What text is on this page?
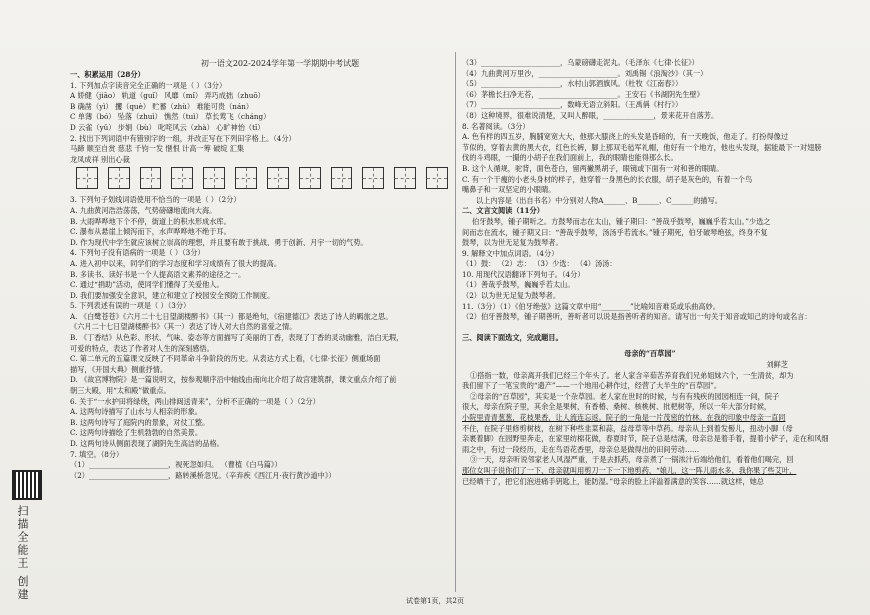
初一语文202-2024学年第一学期期中考试题
一、积累运用（28分）
1. 下列加点字读音完全正确的一项是（ ）（3分）
A 娇健（jiāo） 轨道（guǐ） 风靡（mǐ） 弄巧成拙（zhuō）
B 确凿（yì） 攫（què） 贮蓄（zhù） 难能可贵（nán）
C 单薄（bó） 坠落（zhuì） 憔然（tuì） 草长莺飞（cháng）
D 云雀（yǔ） 步娟（bù） 叱咤风云（zhà） 心旷神怡（tǐ）
2. 找出下列词语中有错别字的一组，并改正写在下列田字格上。（4分）
马蹄 顺至自赏 慈悲 千钧一发 惬恨 计高一筹 破绽 汇集
龙凤成祥 别出心裁
3. 下列句子划线词语使用不恰当的一项是（ ）（2分）
A. 九曲黄河浩浩荡荡，气势磅礴地流向大海。
B. 大雨哗哗地下个不停，街道上的积水形成水库。
C. 瀑布从悬崖上倾泻而下，水声哗哗地不绝于耳。
D. 作为现代中学生就应该树立崇高的理想，并且要有敢于挑战、勇于创新、月宇一切的气势。
4. 下列句子没有语病的一项是（ ）（3分）
A. 进入初中以来，同学们的学习态度和学习成绩有了很大的提高。
B. 多读书、读好书是一个人提高语文素养的途径之一。
C. 通过“捐助”活动，使同学们懂得了关爱他人。
D. 我们要加强安全意识，建立和建立了校园安全预防工作制度。
5. 下列表述有误的一项是（ ）（3分）
A. 《白鹭苍苍》《六月二十七日望湖楼醉书》（其一）都是绝句，《宿建德江》表达了诗人的羁旅之思。
《六月二十七日望湖楼醉书》（其一）表达了诗人对大自然的喜爱之情。
B. 《丁香结》从色彩、形状、气味、姿态等方面描写了美丽的丁香，表现了丁香的灵动幽雅，洁白无瑕，
可爱的特点，表达了作者对人生的深刻感悟。
C. 第二单元的五篇课文反映了不同革命斗争阶段的历史。从表达方式上看，《七律·长征》侧重场面
描写，《开国大典》侧重抒情。
D. 《故宫博物院》是一篇说明文，按参观顺序沿中轴线由南向北介绍了故宫建筑群，课文重点介绍了前
朝三大殿，用“太和殿”做重点。
6. 关于“一水护田将绿绕，两山排闼送青来”，分析不正确的一项是（ ）（2分）
A. 这两句诗描写了山水与人相亲的形象。
B. 这两句诗写了庭院内的景象，对仗工整。
C. 这两句诗描绘了生机勃勃的自然美景。
D. 这两句诗从侧面表现了湖阴先生高洁的品格。
7. 填空。（8分）
（1）______________________，视死忽如归。 （曹植《白马篇》）
（2）______________________，路转溪桥忽见。（辛弃疾《西江月·夜行黄沙道中》）
（3）______________________，乌蒙磅礴走泥丸。（毛泽东《七律·长征》）
（4）九曲黄河万里沙，______________________。刘禹锡《浪淘沙》（其一）
（5）______________________，水村山郭酒旗风。（杜牧《江南春》）
（6）茅檐长扫净无苔，______________________。王安石《书湖阴先生壁》
（7）______________________，数峰无语立斜阳。（王禹偁《村行》）
（8）这种境界，很难说清楚，又叫人醉眼，______________，景来花开自落芳。
8. 名著阅读。（3分）
A. 色有样的四五岁，胸脯宽宽大大，他那大膝浇上的头发是昏暗的，有一天晚饭，他走了。打扮得像过
节似的，穿着去黄的黑大衣，红色长裤，脚上那双毛毡军礼帽，他好有一个地方，他也头发现，据能最下一对翅膀
伐的斗鸡眼，一撮的小胡子在我们面前上，我的眼睛也能得那么长。
B. 这个人循规，驼背，面色苍白，留两撇黑胡子，眼镜或下面有一对和善的眼睛。
C. 有一个干瘦的小老头身材的样子，他穿着一身黑色的长衣服，胡子是灰色的，有着一个鸟
嘴鼻子和一双坚定的小眼睛。
以上内容是（出自书名）中分别对人物A______、B______、C______的描写。
二、文言文阅读（11分）
伯牙鼓琴，锺子期听之。方鼓琴而志在太山，锺子期曰：“善哉乎鼓琴，巍巍乎若太山。”少选之
间而志在流水，锺子期又曰：“善哉乎鼓琴，汤汤乎若流水。”锺子期死，伯牙破琴绝弦，终身不复
鼓琴，以为世无足复为鼓琴者。
9. 解释文中加点词语。（4分）
（1）鼓： （2）志： （3）少选： （4）汤汤：
10. 用现代汉语翻译下列句子。（4分）
（1）善哉乎鼓琴，巍巍乎若太山。
（2）以为世无足复为鼓琴者。
11.（3分）（1）《伯牙绝弦》这篇文章中用“________”比喻知音难觅或乐曲高妙。
（2）伯牙善鼓琴，锺子期善听，善听者可以说是指善听者的知音。请写出一句关于知音或知己的诗句或名言：
三、阅读下面选文，完成题目。
母亲的“百草园”
刘鲜芝
①搭指一数，母亲离开我们已经三个年头了。老人家含辛茹苦养育我们兄弟姐妹六个，一生清贫，却为
我们留下了一笔宝贵的“遗产”——一个地用心耕作过，经营了大半生的“百草园”。
②母亲的“百草园”，其实是一个杂草园。老人家在世时的时候，与有有残疾的园园相连一间，院子
很大，母亲在院子里，其余全是果树，有香椿、桑树、核桃树、批杷树等，所以一年大部分时候，
小院里青青葱葱，花枝果香，让人流连忘返。院子的一角是一片茂密的竹林。在我的印象中母亲一直同
不住，在院子里修剪树枝，在树下种些韭菜和蒜，益母草等中草药。母亲从上到着发髻儿，扭动小脚（母
亲裹着脚）在园野里奔走，在家里纺棉花做，春夏时节，院子总是结满，母亲总是着手着，提着小铲子，走在和风细
雨之中，有过一段经历，走在鸟语花香里，母亲总是做得出的田间劳动……
③一天，母亲听说邻家老人风湿严重，于是去抓药，母亲煮了一锅浓汁后端给他们，看着他们喝完，回
那位女叫子说你们了一下，母亲就叫用剪刀一下一下地剪药，“娘儿，这一阵儿雨水多，我你果了些艾叶，
已经晒干了，把它们泡进痛手钥匙上，能防湿。”母亲的脸上洋溢着满意的笑容……就这样，她总
试卷第1页，共2页
扫描全能王 创建
